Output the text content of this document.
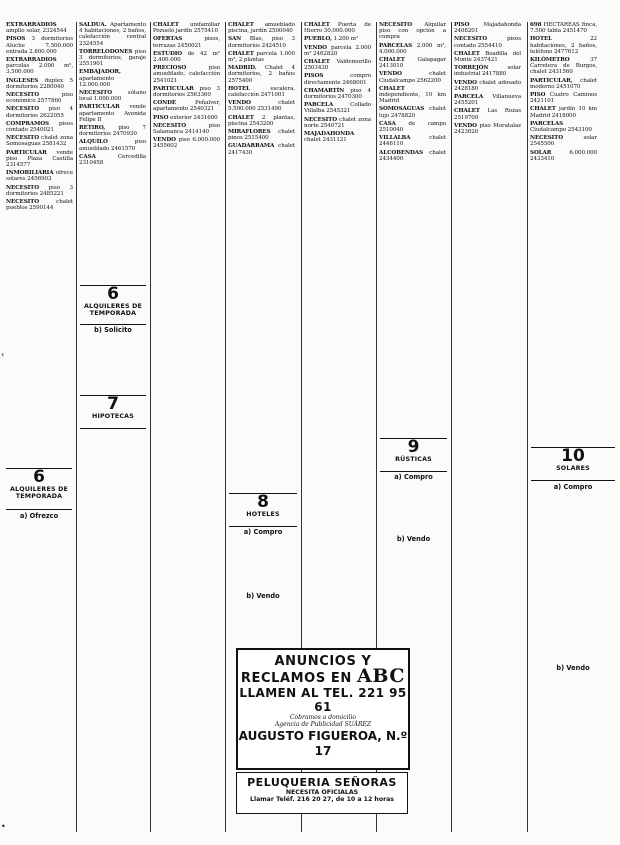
EXTRARRADIOS amplio solar, 2324544

PISOS 3 dormitorios Aluche 7.500.000 entrada 2.800.000

EXTRARRADIOS parcelas 2.000 m², 3.500.000

INGLESES duplex 5 dormitorios 2280040

NECESITO piso económico 2577860

NECESITO piso 4 dormitorios 2622055

COMPRAMOS pisos contado 2540021

NECESITO chalet zona Somosaguas 2581432

PARTICULAR vende piso Plaza Castilla 2314577

INMOBILIARIA ofrece solares 2456903

NECESITO piso 3 dormitorios 2485221

NECESITO chalet pueblos 2590144

SALDUA. Apartamento 4 habitaciones, 2 baños, calefacción central 2324554

TORRELODONES piso 3 dormitorios, garaje 2551901

EMBAJADOR, apartamento 12.000.000

NECESITO sótano local 1.000.000

PARTICULAR vende apartamento Avenida Felipe II

RETIRO, piso 7 dormitorios 2470930

ALQUILO piso amueblado 2461570

CASA Cercedilla 2310458

CHALET unifamiliar Pozuelo jardín 2575410

OFERTAS pisos, terrazas 2450021

ESTUDIO de 42 m² 2.400.000

PRECIOSO piso amueblado, calefacción 2541021

PARTICULAR piso 3 dormitorios 2563360

CONDE Peñalver, apartamento 2540321

PISO exterior 2431600

NECESITO piso Salamanca 2414140

VENDO piso 6.000.000 2455602

CHALET amueblado piscina, jardín 2500040

SAN Blas, piso 3 dormitorios 2424510

CHALET parcela 1.000 m², 2 plantas

MADRID. Chalet 4 dormitorios, 2 baños 2575400

HOTEL escalera, calefacción 2471001

VENDO chalet 5.500.000 2531490

CHALET 2 plantas, piscina 2543200

MIRAFLORES chalet pinos 2515400

GUADARRAMA chalet 2417430

CHALET Puerta de Hierro 30.000.000

PUEBLO, 1.200 m²

VENDO parcela 2.000 m² 2462820

CHALET Valdemorillo 2503430

PISOS compro directamente 2468001

CHAMARTÍN piso 4 dormitorios 2470300

PARCELA Collado Villalba 2545321

NECESITO chalet zona norte 2540721

MAJADAHONDA chalet 2431121

NECESITO Alquilar piso con opción a compra

PARCELAS 2.000 m², 4.000.000

CHALET Galapagar 2413010

VENDO chalet Ciudalcampo 2562200

CHALET independiente, 10 km Madrid

SOMOSAGUAS chalet lujo 2478820

CASA de campo 2510040

VILLALBA chalet 2446110

ALCOBENDAS chalet 2434400

PISO Majadahonda 2408201

NECESITO pisos contado 2554410

CHALET Boadilla del Monte 2437421

TORREJÓN solar industrial 2417880

VENDO chalet adosado 2428180

PARCELA Villanueva 2455201

CHALET Las Rozas 2519700

VENDO piso Moratalaz 2423620

698 HECTÁREAS finca, 7.500 tabla 2451470

HOTEL 22 habitaciones, 2 baños, teléfono 2477612

KILÓMETRO 37 Carretera de Burgos, chalet 2431560

PARTICULAR, chalet moderno 2451070

PISO Cuatro Caminos 2421101

CHALET jardín 10 km Madrid 2418000

PARCELAS Ciudalcampo 2543100

NECESITO solar 2545500

SOLAR 6.000.000 2433410

6
ALQUILERES DE TEMPORADA
a) Ofrezco
6
ALQUILERES DE TEMPORADA
b) Solicito
7
HIPOTECAS
8
HOTELES
a) Compro
b) Vendo
9
RÚSTICAS
a) Compro
b) Vendo
10
SOLARES
a) Compro
b) Vendo
ANUNCIOS Y
RECLAMOS EN ABC
LLAMEN AL TEL. 221 95 61
Cobramos a domicilio
Agencia de Publicidad SUÁREZ
AUGUSTO FIGUEROA, N.º 17
PELUQUERIA SEÑORAS
NECESITA OFICIALAS
Llamar Teléf. 216 20 27, de 10 a 12 horas
‹
•
